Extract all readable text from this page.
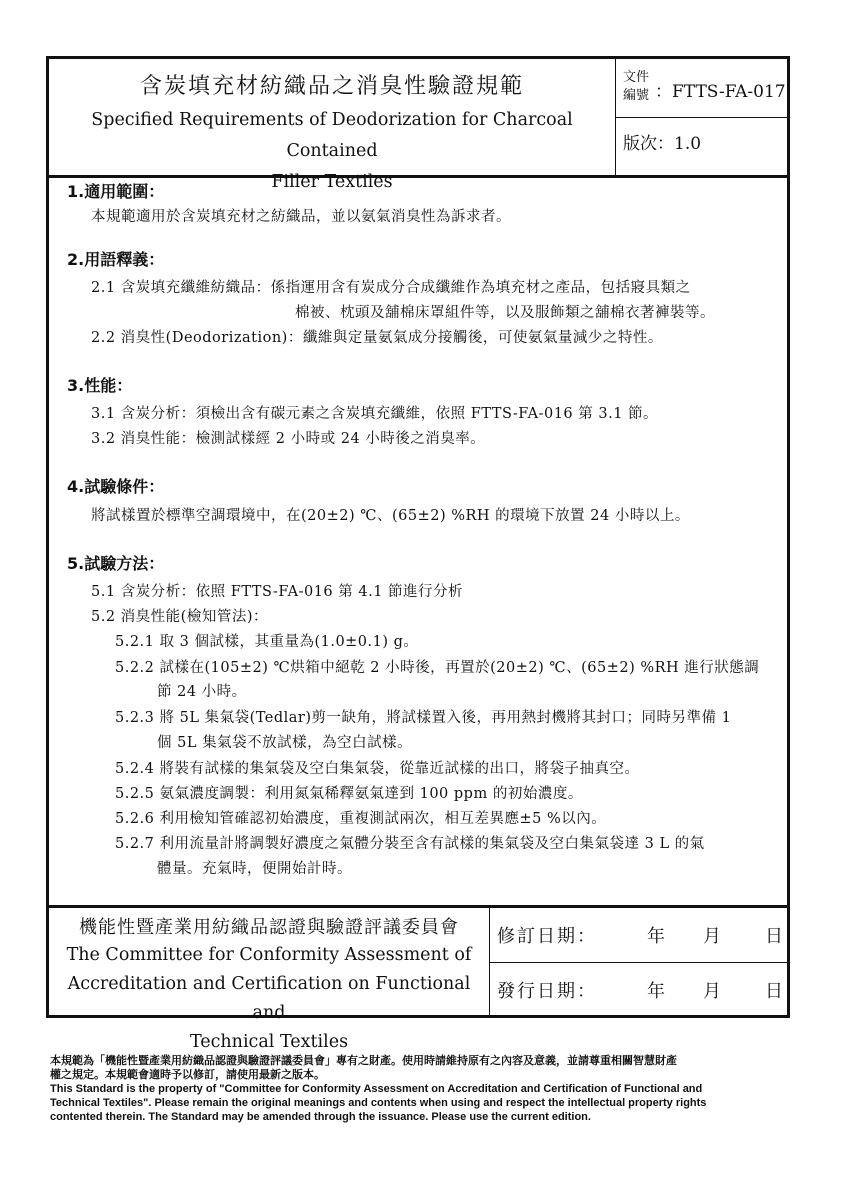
含炭填充材紡織品之消臭性驗證規範
Specified Requirements of Deodorization for Charcoal Contained
Filler Textiles
文件
編號 ：FTTS-FA-017
版次：1.0
1.適用範圍：
本規範適用於含炭填充材之紡織品，並以氨氣消臭性為訴求者。
2.用語釋義：
2.1 含炭填充纖維紡織品：係指運用含有炭成分合成纖維作為填充材之產品，包括寢具類之
棉被、枕頭及舖棉床罩組件等，以及服飾類之舖棉衣著褲裝等。
2.2 消臭性(Deodorization)：纖維與定量氨氣成分接觸後，可使氨氣量減少之特性。
3.性能：
3.1 含炭分析：須檢出含有碳元素之含炭填充纖維，依照 FTTS-FA-016 第 3.1 節。
3.2 消臭性能：檢測試樣經 2 小時或 24 小時後之消臭率。
4.試驗條件：
將試樣置於標準空調環境中，在(20±2) ℃、(65±2) %RH 的環境下放置 24 小時以上。
5.試驗方法：
5.1 含炭分析：依照 FTTS-FA-016 第 4.1 節進行分析
5.2 消臭性能(檢知管法)：
5.2.1 取 3 個試樣，其重量為(1.0±0.1) g。
5.2.2 試樣在(105±2) ℃烘箱中絕乾 2 小時後，再置於(20±2) ℃、(65±2) %RH 進行狀態調
節 24 小時。
5.2.3 將 5L 集氣袋(Tedlar)剪一缺角，將試樣置入後，再用熱封機將其封口；同時另準備 1
個 5L 集氣袋不放試樣，為空白試樣。
5.2.4 將裝有試樣的集氣袋及空白集氣袋，從靠近試樣的出口，將袋子抽真空。
5.2.5 氨氣濃度調製：利用氮氣稀釋氨氣達到 100 ppm 的初始濃度。
5.2.6 利用檢知管確認初始濃度，重複測試兩次，相互差異應±5 %以內。
5.2.7 利用流量計將調製好濃度之氣體分裝至含有試樣的集氣袋及空白集氣袋達 3 L 的氣
體量。充氣時，便開始計時。
機能性暨產業用紡織品認證與驗證評議委員會
The Committee for Conformity Assessment of
Accreditation and Certification on Functional and
Technical Textiles
修訂日期：	年 月 日
發行日期：	年 月 日

本規範為「機能性暨產業用紡織品認證與驗證評議委員會」專有之財產。使用時請維持原有之內容及意義，並請尊重相關智慧財產

權之規定。本規範會適時予以修訂，請使用最新之版本。

This Standard is the property of "Committee for Conformity Assessment on Accreditation and Certification of Functional and

Technical Textiles". Please remain the original meanings and contents when using and respect the intellectual property rights

contented therein. The Standard may be amended through the issuance. Please use the current edition.
